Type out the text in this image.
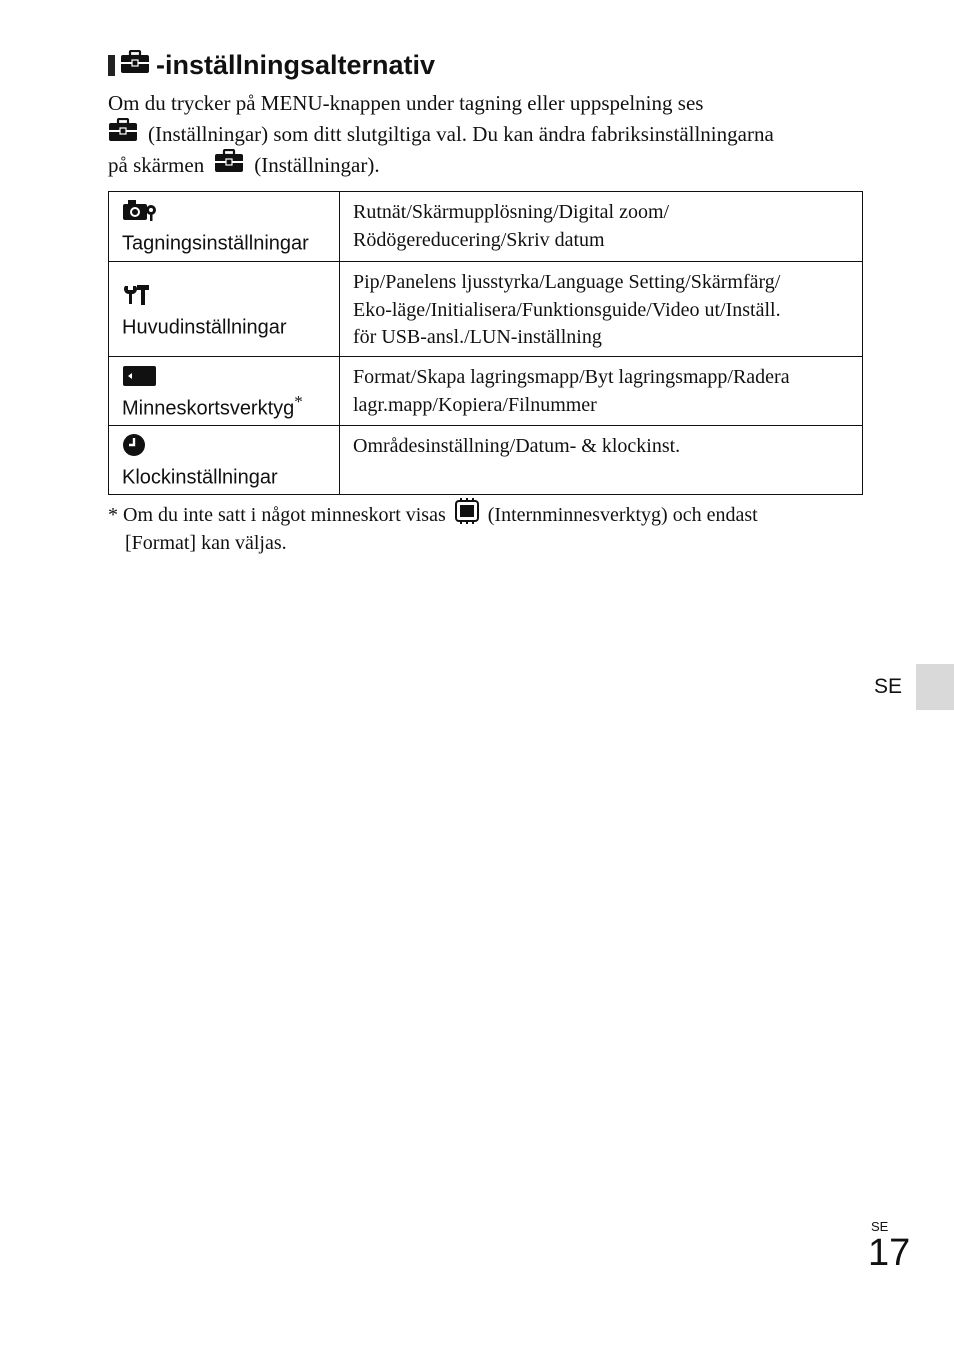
-inställningsalternativ
Om du trycker på MENU-knappen under tagning eller uppspelning ses
(Inställningar) som ditt slutgiltiga val. Du kan ändra fabriksinställningarna
på skärmen (Inställningar).
Tagningsinställningar	Rutnät/Skärmupplösning/Digital zoom/
Rödögereducering/Skriv datum

Huvudinställningar	Pip/Panelens ljusstyrka/Language Setting/Skärmfärg/
Eko-läge/Initialisera/Funktionsguide/Video ut/Inställ.
för USB-ansl./LUN-inställning

Minneskortsverktyg*	Format/Skapa lagringsmapp/Byt lagringsmapp/Radera
lagr.mapp/Kopiera/Filnummer

Klockinställningar	Områdesinställning/Datum- & klockinst.
* Om du inte satt i något minneskort visas (Internminnesverktyg) och endast
[Format] kan väljas.
SE
SE
17
